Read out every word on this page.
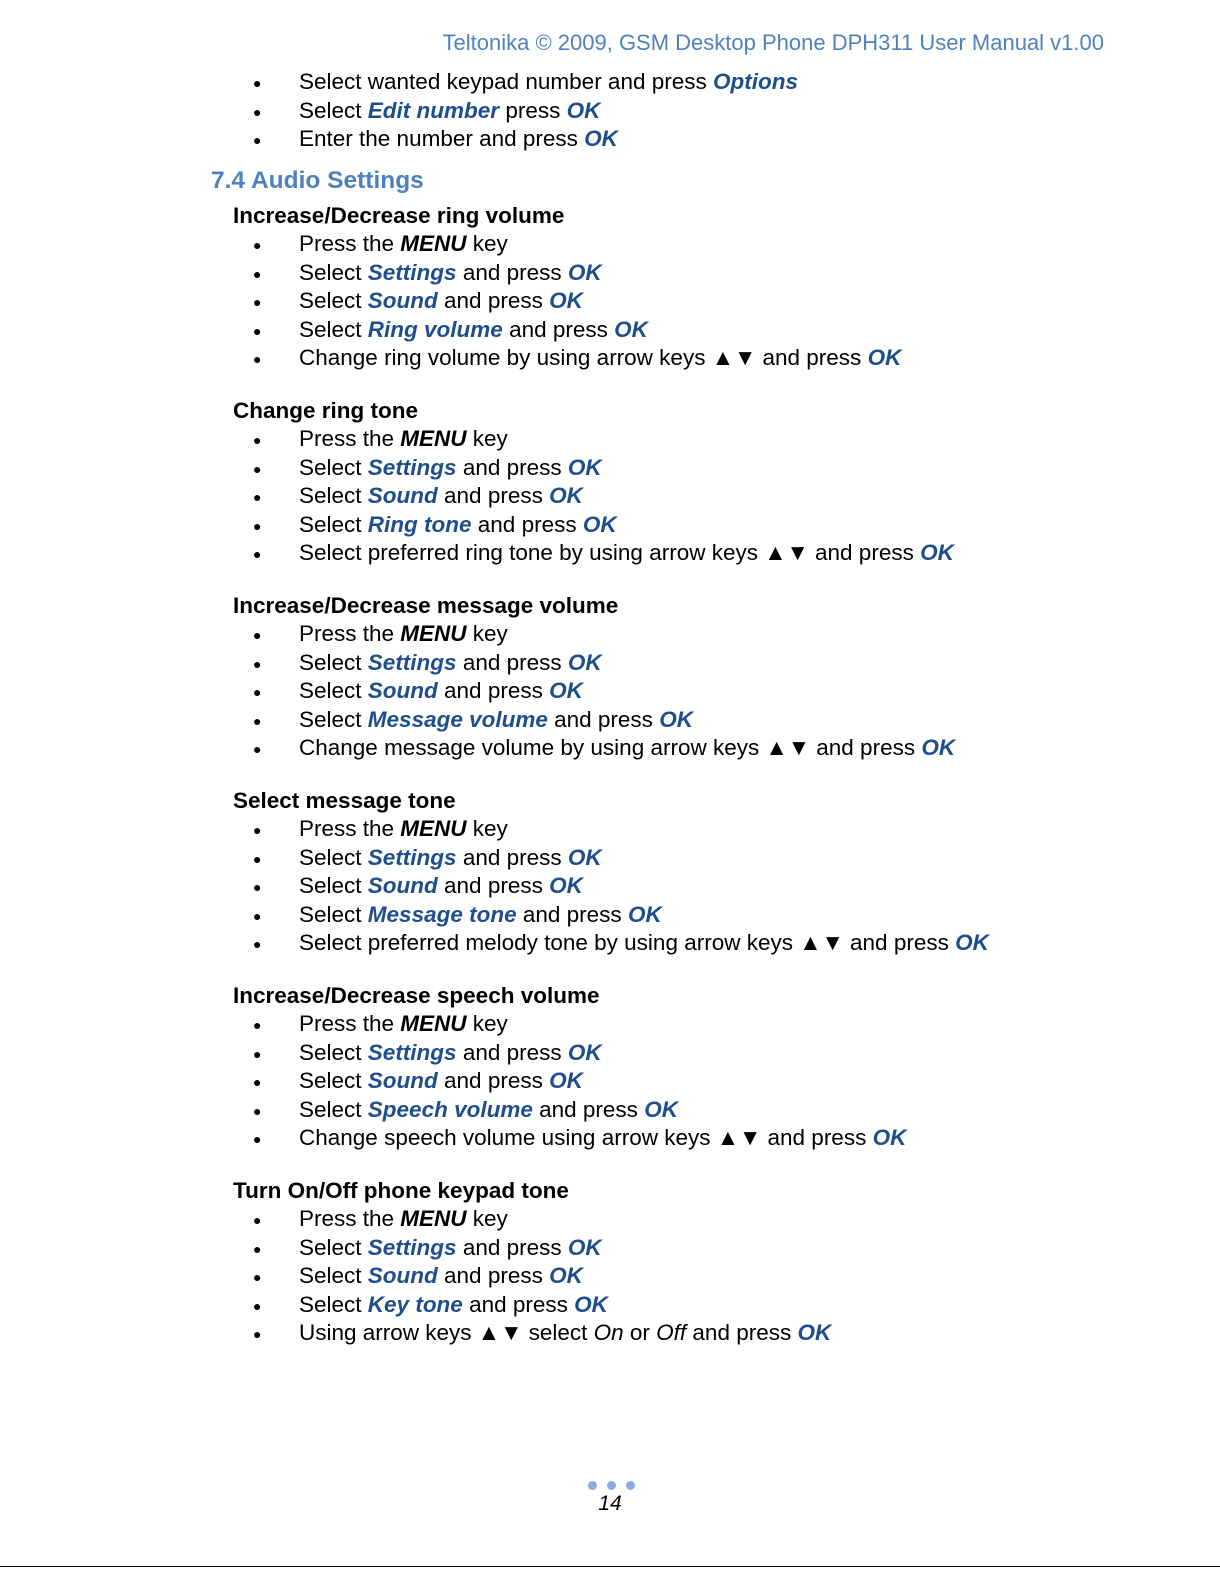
Teltonika © 2009, GSM Desktop Phone DPH311 User Manual v1.00
● Select wanted keypad number and press Options
● Select Edit number press OK
● Enter the number and press OK
7.4 Audio Settings
Increase/Decrease ring volume
● Press the MENU key
● Select Settings and press OK
● Select Sound and press OK
● Select Ring volume and press OK
● Change ring volume by using arrow keys ▲▼ and press OK
Change ring tone
● Press the MENU key
● Select Settings and press OK
● Select Sound and press OK
● Select Ring tone and press OK
● Select preferred ring tone by using arrow keys ▲▼ and press OK
Increase/Decrease message volume
● Press the MENU key
● Select Settings and press OK
● Select Sound and press OK
● Select Message volume and press OK
● Change message volume by using arrow keys ▲▼ and press OK
Select message tone
● Press the MENU key
● Select Settings and press OK
● Select Sound and press OK
● Select Message tone and press OK
● Select preferred melody tone by using arrow keys ▲▼ and press OK
Increase/Decrease speech volume
● Press the MENU key
● Select Settings and press OK
● Select Sound and press OK
● Select Speech volume and press OK
● Change speech volume using arrow keys ▲▼ and press OK
Turn On/Off phone keypad tone
● Press the MENU key
● Select Settings and press OK
● Select Sound and press OK
● Select Key tone and press OK
● Using arrow keys ▲▼ select On or Off and press OK
14
